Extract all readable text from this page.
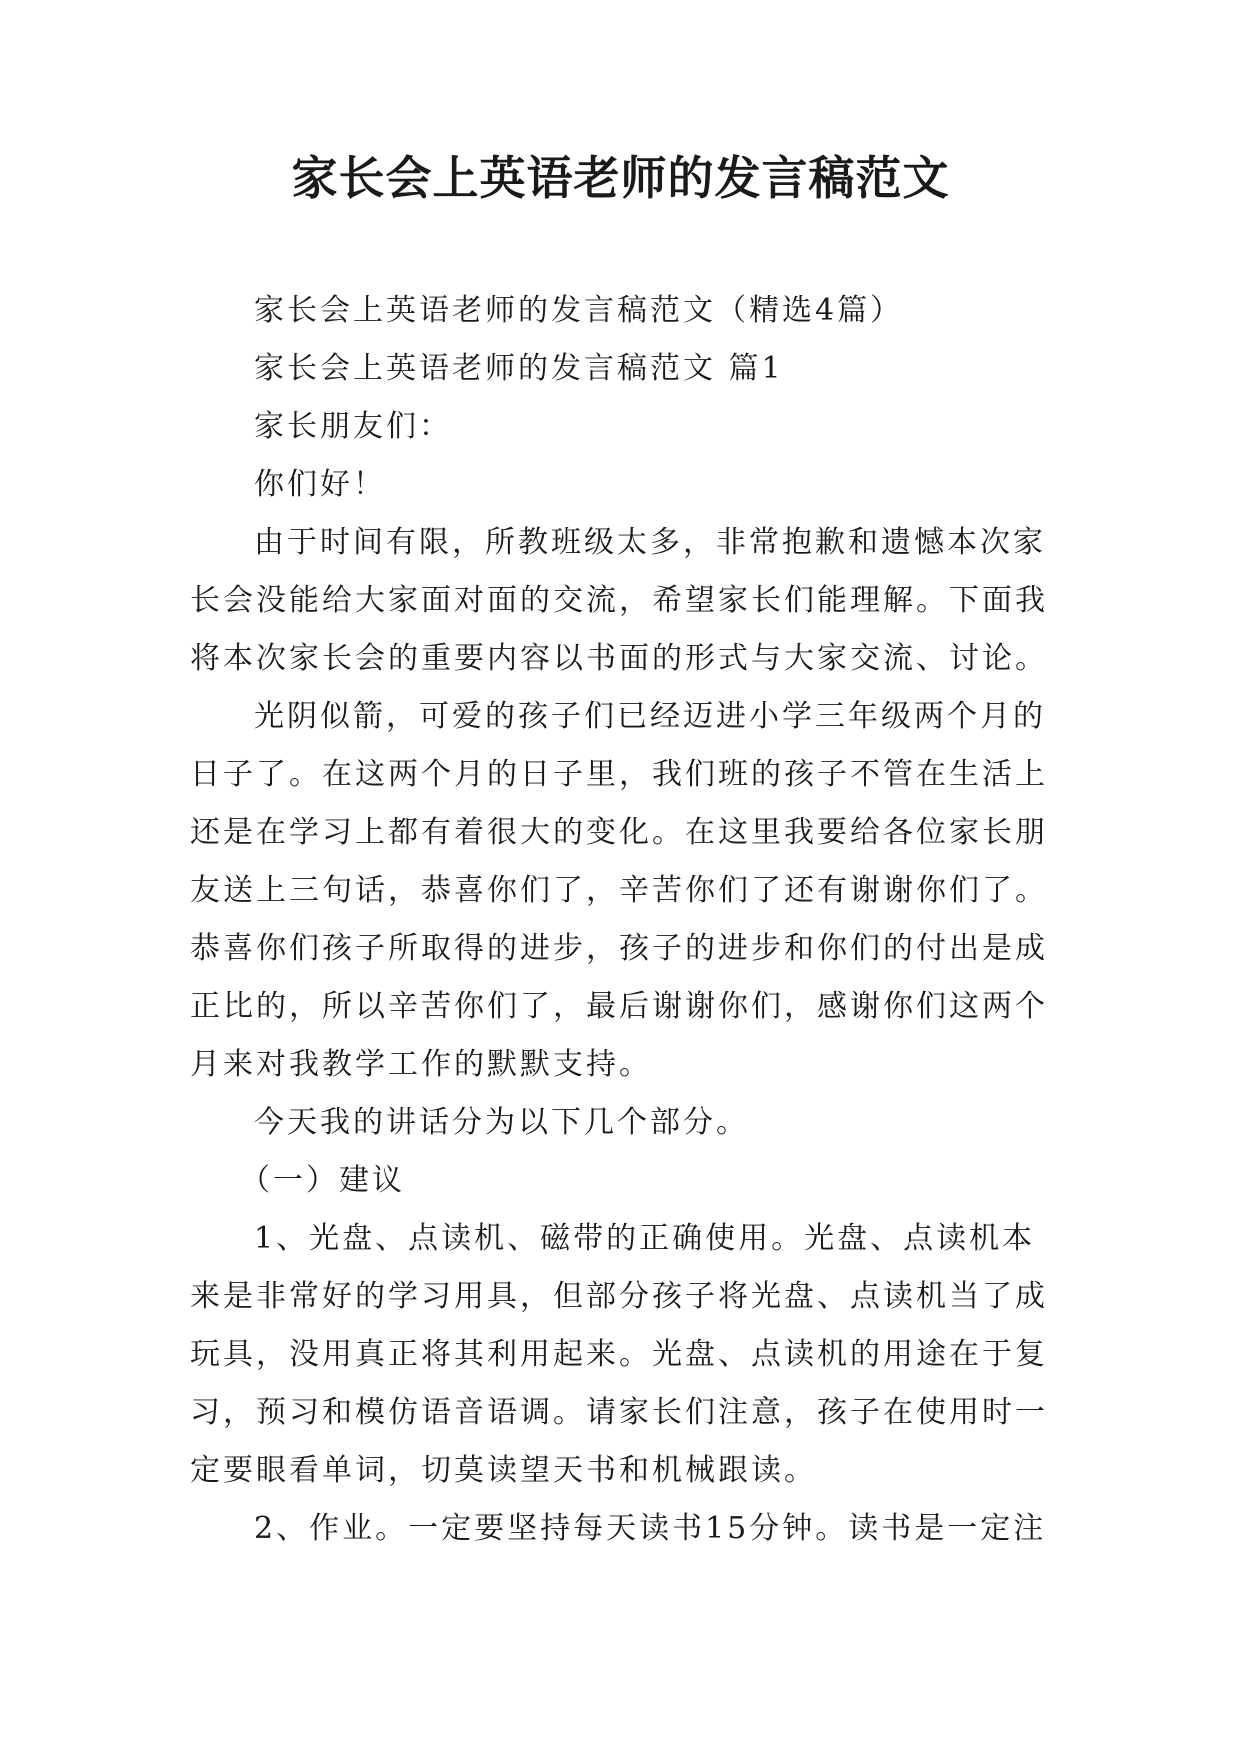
家长会上英语老师的发言稿范文

家长会上英语老师的发言稿范文（精选4篇）

家长会上英语老师的发言稿范文 篇1

家长朋友们：

你们好！

由于时间有限，所教班级太多，非常抱歉和遗憾本次家长会没能给大家面对面的交流，希望家长们能理解。下面我将本次家长会的重要内容以书面的形式与大家交流、讨论。

光阴似箭，可爱的孩子们已经迈进小学三年级两个月的日子了。在这两个月的日子里，我们班的孩子不管在生活上还是在学习上都有着很大的变化。在这里我要给各位家长朋友送上三句话，恭喜你们了，辛苦你们了还有谢谢你们了。恭喜你们孩子所取得的进步，孩子的进步和你们的付出是成正比的，所以辛苦你们了，最后谢谢你们，感谢你们这两个月来对我教学工作的默默支持。

今天我的讲话分为以下几个部分。

（一）建议

1、光盘、点读机、磁带的正确使用。光盘、点读机本来是非常好的学习用具，但部分孩子将光盘、点读机当了成玩具，没用真正将其利用起来。光盘、点读机的用途在于复习，预习和模仿语音语调。请家长们注意，孩子在使用时一定要眼看单词，切莫读望天书和机械跟读。

2、作业。一定要坚持每天读书15分钟。读书是一定注
